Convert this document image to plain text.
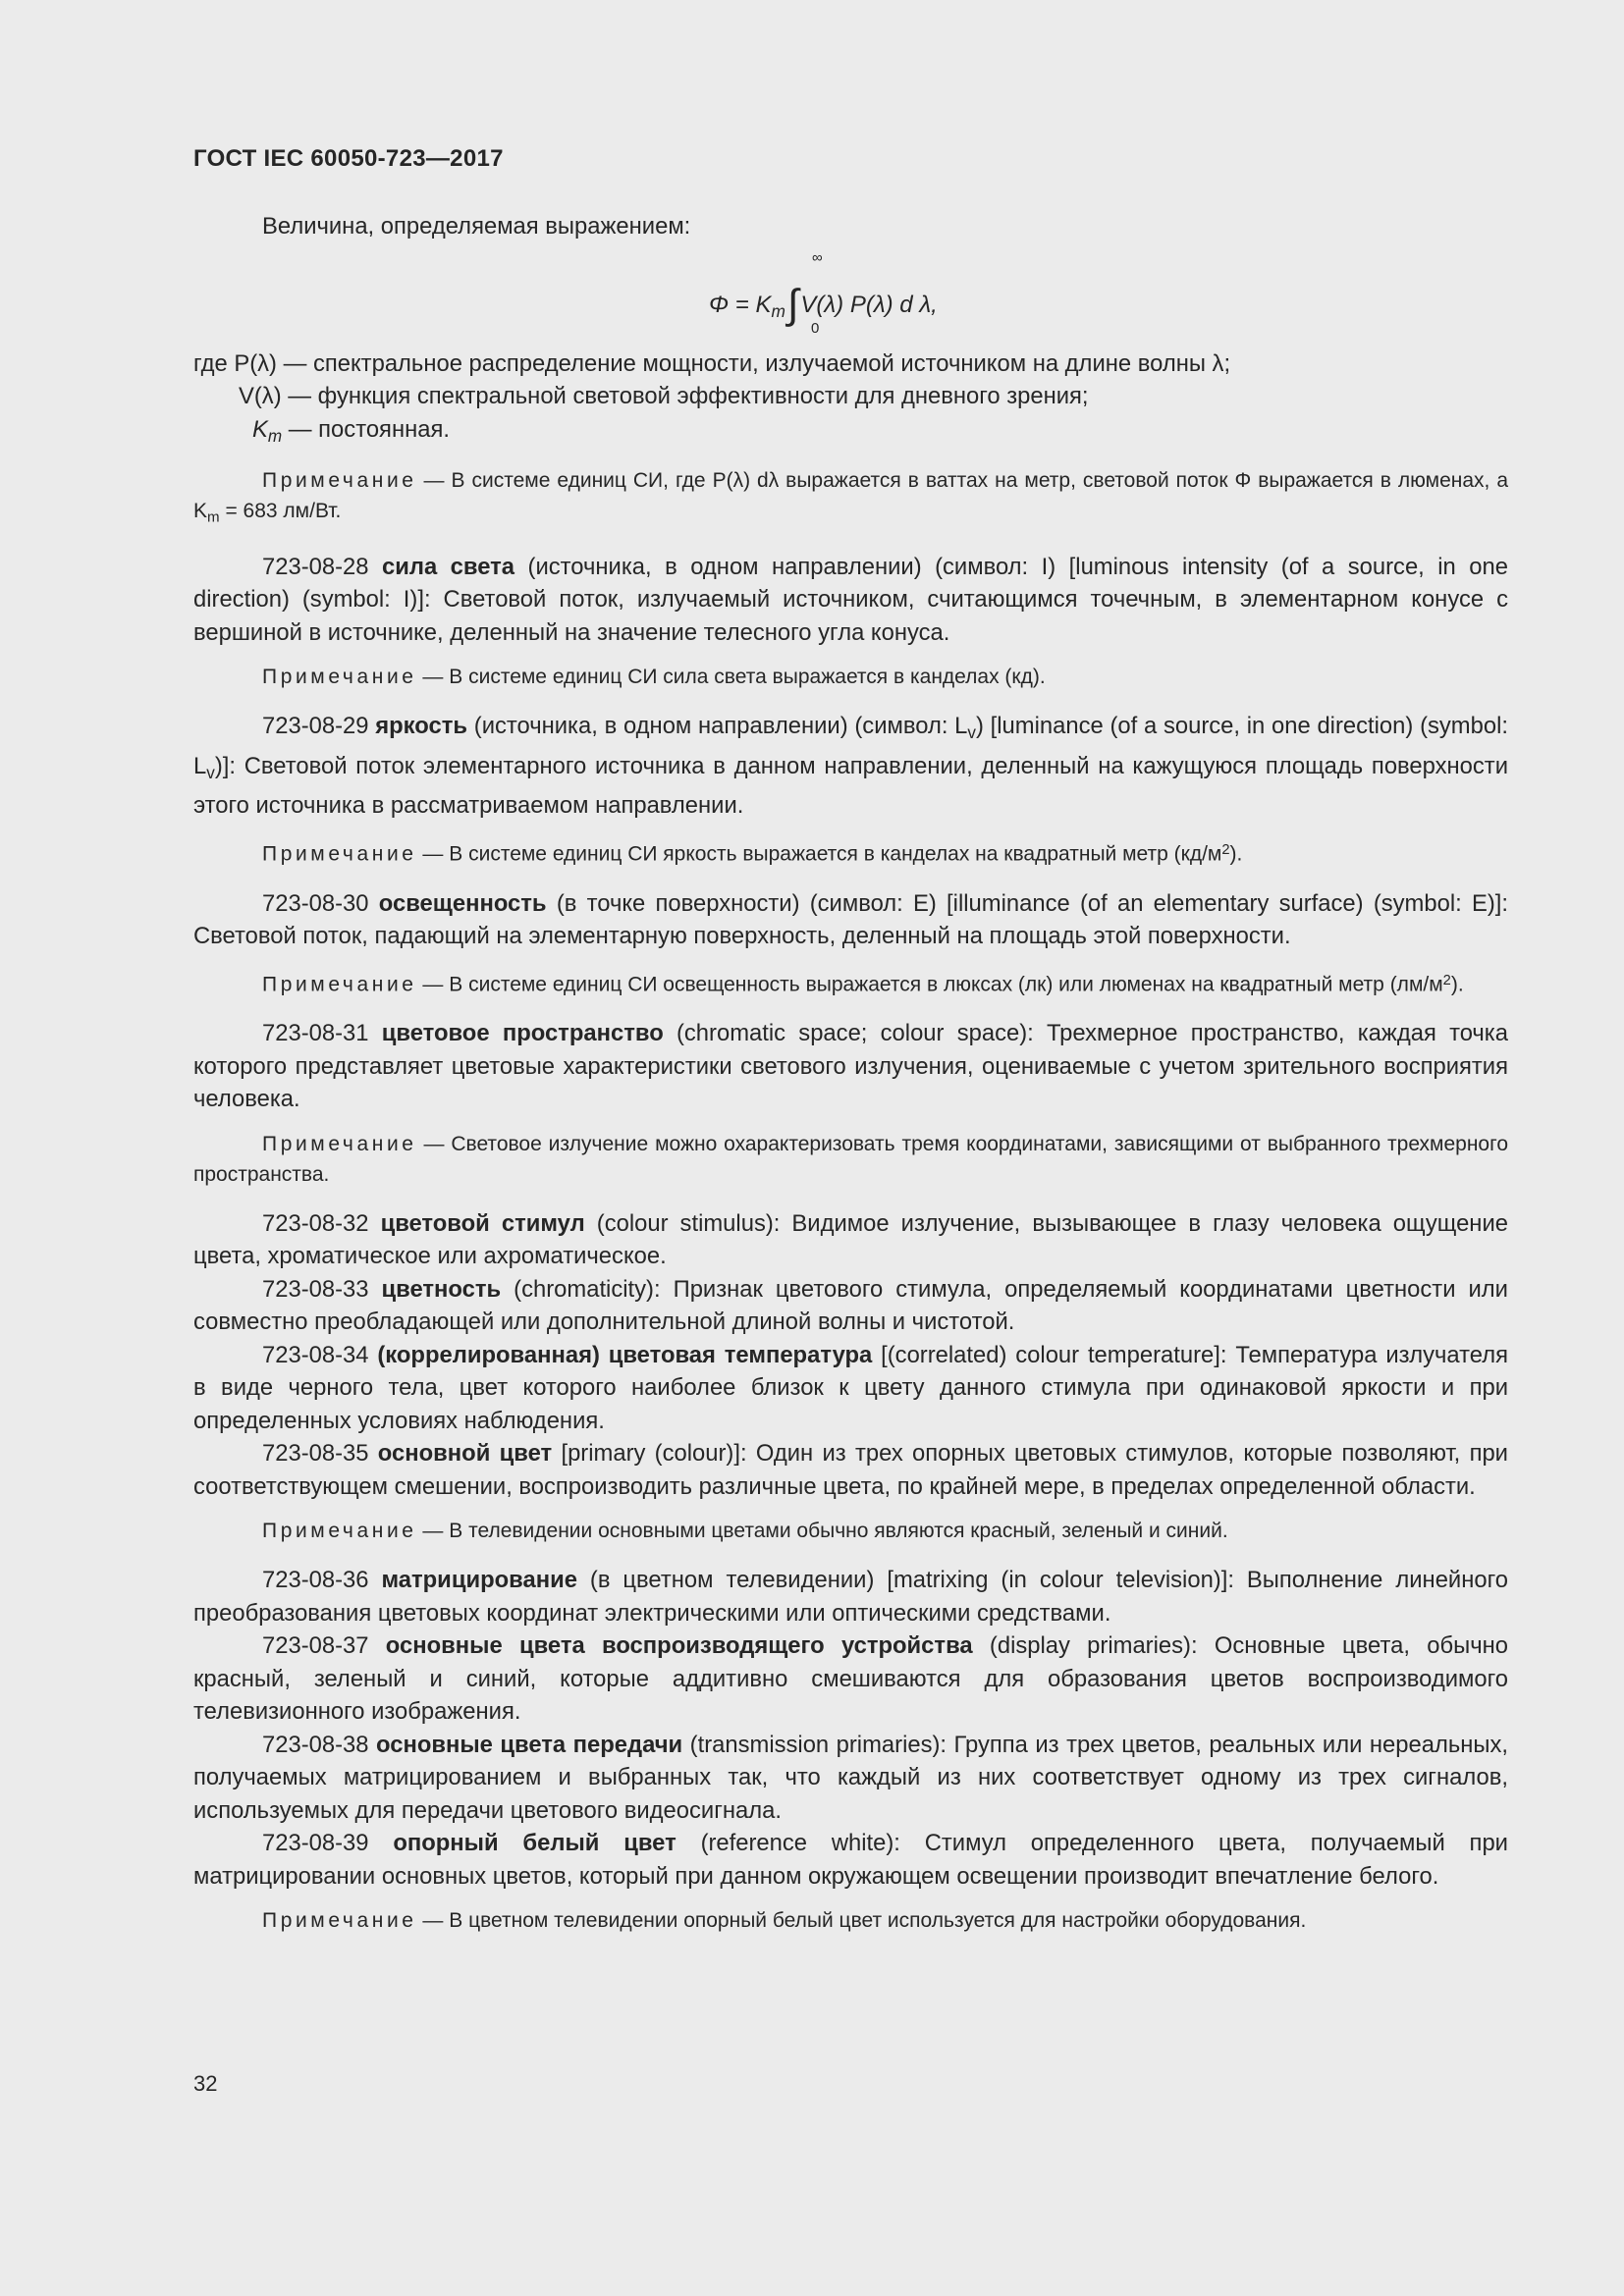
ГОСТ IEC 60050-723—2017

Величина, определяемая выражением:

∞
$\Phi = K_m\int V(\lambda)$ P(λ) d λ,
0

где P(λ) — спектральное распределение мощности, излучаемой источником на длине волны λ;

V(λ) — функция спектральной световой эффективности для дневного зрения;

$K_m$ — постоянная.

Примечание — В системе единиц СИ, где P(λ) dλ выражается в ваттах на метр, световой поток Φ выражается в люменах, а $K_m = 683$ лм/Вт.

723-08-28 сила света (источника, в одном направлении) (символ: I) [luminous intensity (of a source, in one direction) (symbol: I)]: Световой поток, излучаемый источником, считающимся точечным, в элементарном конусе с вершиной в источнике, деленный на значение телесного угла конуса.

Примечание — В системе единиц СИ сила света выражается в канделах (кд).

723-08-29 яркость (источника, в одном направлении) (символ: $L_v$) [luminance (of a source, in one direction) (symbol: $L_v$)]: Световой поток элементарного источника в данном направлении, деленный на кажущуюся площадь поверхности этого источника в рассматриваемом направлении.

Примечание — В системе единиц СИ яркость выражается в канделах на квадратный метр $(кд/м^2)$.

723-08-30 освещенность (в точке поверхности) (символ: E) [illuminance (of an elementary surface) (symbol: E)]: Световой поток, падающий на элементарную поверхность, деленный на площадь этой поверхности.

Примечание — В системе единиц СИ освещенность выражается в люксах (лк) или люменах на квадратный метр $(лм/м^2)$.

723-08-31 цветовое пространство (chromatic space; colour space): Трехмерное пространство, каждая точка которого представляет цветовые характеристики светового излучения, оцениваемые с учетом зрительного восприятия человека.

Примечание — Световое излучение можно охарактеризовать тремя координатами, зависящими от выбранного трехмерного пространства.

723-08-32 цветовой стимул (colour stimulus): Видимое излучение, вызывающее в глазу человека ощущение цвета, хроматическое или ахроматическое.

723-08-33 цветность (chromaticity): Признак цветового стимула, определяемый координатами цветности или совместно преобладающей или дополнительной длиной волны и чистотой.

723-08-34 (коррелированная) цветовая температура [(correlated) colour temperature]: Температура излучателя в виде черного тела, цвет которого наиболее близок к цвету данного стимула при одинаковой яркости и при определенных условиях наблюдения.

723-08-35 основной цвет [primary (colour)]: Один из трех опорных цветовых стимулов, которые позволяют, при соответствующем смешении, воспроизводить различные цвета, по крайней мере, в пределах определенной области.

Примечание — В телевидении основными цветами обычно являются красный, зеленый и синий.

723-08-36 матрицирование (в цветном телевидении) [matrixing (in colour television)]: Выполнение линейного преобразования цветовых координат электрическими или оптическими средствами.

723-08-37 основные цвета воспроизводящего устройства (display primaries): Основные цвета, обычно красный, зеленый и синий, которые аддитивно смешиваются для образования цветов воспроизводимого телевизионного изображения.

723-08-38 основные цвета передачи (transmission primaries): Группа из трех цветов, реальных или нереальных, получаемых матрицированием и выбранных так, что каждый из них соответствует одному из трех сигналов, используемых для передачи цветового видеосигнала.

723-08-39 опорный белый цвет (reference white): Стимул определенного цвета, получаемый при матрицировании основных цветов, который при данном окружающем освещении производит впечатление белого.

Примечание — В цветном телевидении опорный белый цвет используется для настройки оборудования.
32
